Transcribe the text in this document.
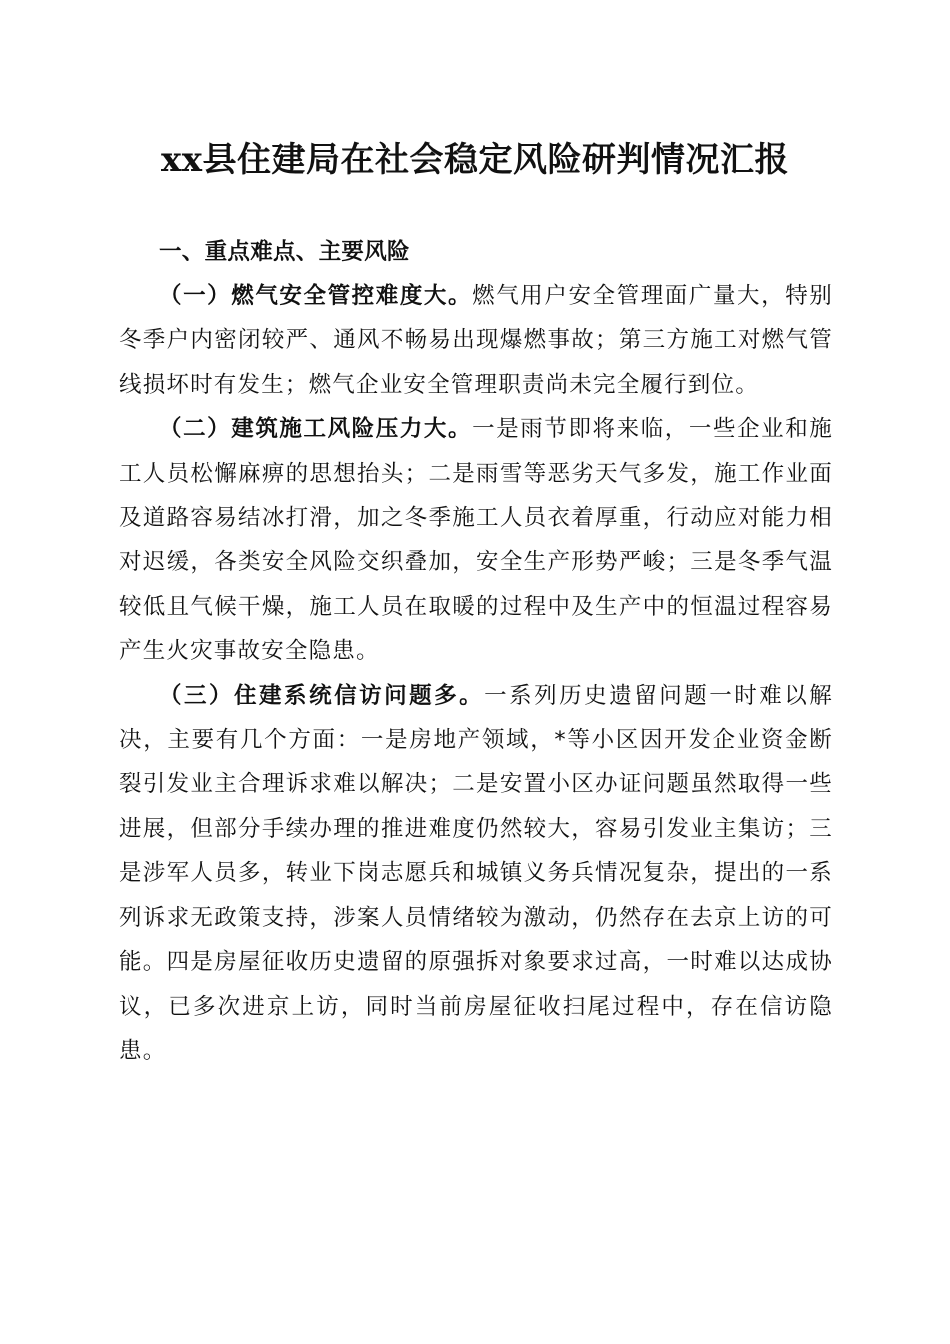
xx县住建局在社会稳定风险研判情况汇报
一、重点难点、主要风险

（一）燃气安全管控难度大。燃气用户安全管理面广量大，特别冬季户内密闭较严、通风不畅易出现爆燃事故；第三方施工对燃气管线损坏时有发生；燃气企业安全管理职责尚未完全履行到位。

（二）建筑施工风险压力大。一是雨节即将来临，一些企业和施工人员松懈麻痹的思想抬头；二是雨雪等恶劣天气多发，施工作业面及道路容易结冰打滑，加之冬季施工人员衣着厚重，行动应对能力相对迟缓，各类安全风险交织叠加，安全生产形势严峻；三是冬季气温较低且气候干燥，施工人员在取暖的过程中及生产中的恒温过程容易产生火灾事故安全隐患。

（三）住建系统信访问题多。一系列历史遗留问题一时难以解决，主要有几个方面：一是房地产领域，*等小区因开发企业资金断裂引发业主合理诉求难以解决；二是安置小区办证问题虽然取得一些进展，但部分手续办理的推进难度仍然较大，容易引发业主集访；三是涉军人员多，转业下岗志愿兵和城镇义务兵情况复杂，提出的一系列诉求无政策支持，涉案人员情绪较为激动，仍然存在去京上访的可能。四是房屋征收历史遗留的原强拆对象要求过高，一时难以达成协议，已多次进京上访，同时当前房屋征收扫尾过程中，存在信访隐患。
